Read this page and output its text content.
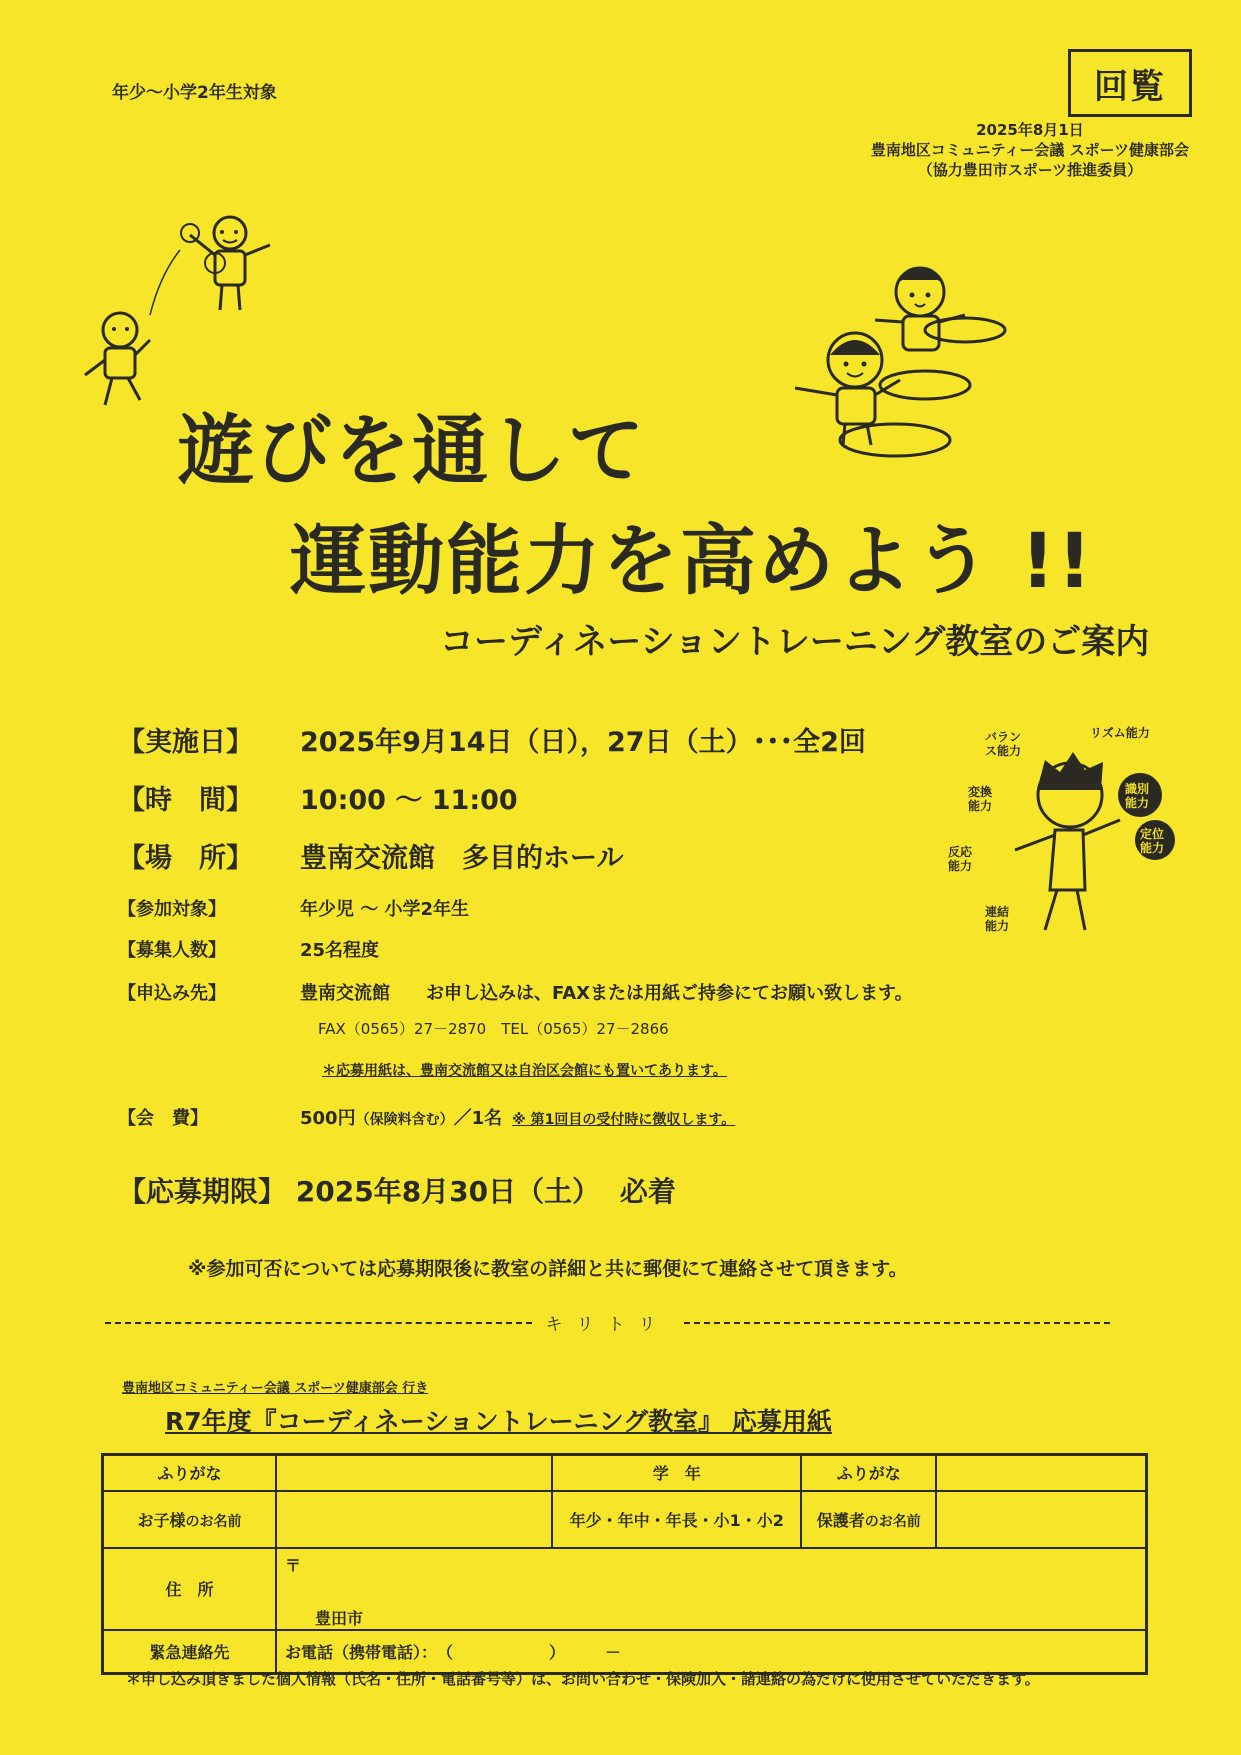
年少～小学2年生対象	回覧
2025年8月1日
豊南地区コミュニティー会議 スポーツ健康部会
（協力豊田市スポーツ推進委員）
遊びを通して
運動能力を高めよう !!
コーディネーショントレーニング教室のご案内
バランス能力
リズム能力
変換能力
識別能力
定位能力
反応能力
連結能力
【実施日】	2025年9月14日（日），27日（土）･･･全2回
【時　間】	10:00 ～ 11:00
【場　所】	豊南交流館　多目的ホール
【参加対象】	年少児 ～ 小学2年生
【募集人数】	25名程度
【申込み先】	豊南交流館　　お申し込みは、FAXまたは用紙ご持参にてお願い致します。
FAX（0565）27－2870　TEL（0565）27－2866
＊応募用紙は、豊南交流館又は自治区会館にも置いてあります。
【会　費】	500円 （保険料含む） ／1名 ※ 第1回目の受付時に徴収します。
【応募期限】 2025年8月30日（土） 必着
※参加可否については応募期限後に教室の詳細と共に郵便にて連絡させて頂きます。
キリトリ
豊南地区コミュニティー会議 スポーツ健康部会 行き
R7年度『コーディネーショントレーニング教室』 応募用紙
ふりがな		学　年	ふりがな	
お子様のお名前		年少・年中・年長・小1・小2	保護者のお名前	
住　所	〒
豊田市			

緊急連絡先	お電話（携帯電話）：　（　　　　　　）　　　－			
＊申し込み頂きました個人情報（氏名・住所・電話番号等）は、お問い合わせ・保険加入・諸連絡の為だけに使用させていただきます。
